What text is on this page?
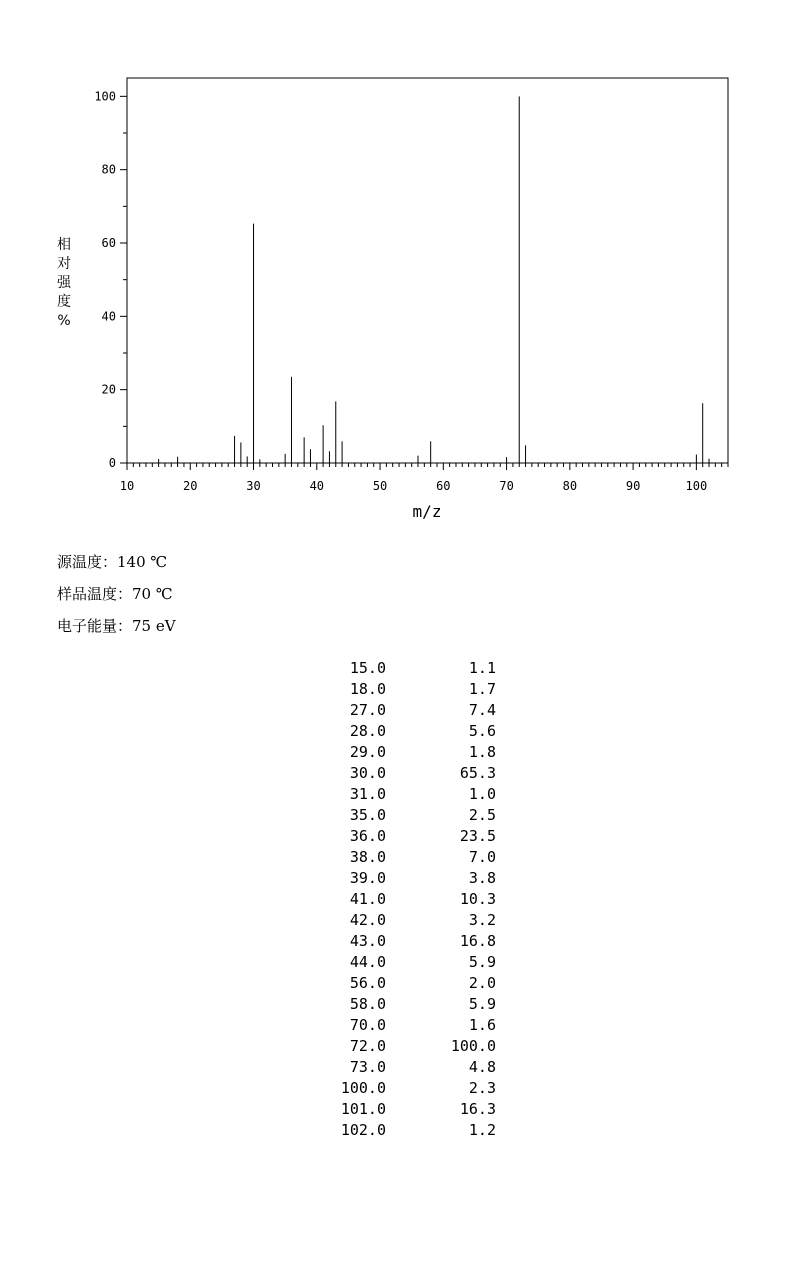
10	20	30	40	50	60	70	80	90	100
0
20
40
60
80
100
m/z
相
对
强
度
%
源温度：140 ℃
样品温度：70 ℃
电子能量：75 eV
15.0	1.1
18.0	1.7
27.0	7.4
28.0	5.6
29.0	1.8
30.0	65.3
31.0	1.0
35.0	2.5
36.0	23.5
38.0	7.0
39.0	3.8
41.0	10.3
42.0	3.2
43.0	16.8
44.0	5.9
56.0	2.0
58.0	5.9
70.0	1.6
72.0	100.0
73.0	4.8
100.0	2.3
101.0	16.3
102.0	1.2
